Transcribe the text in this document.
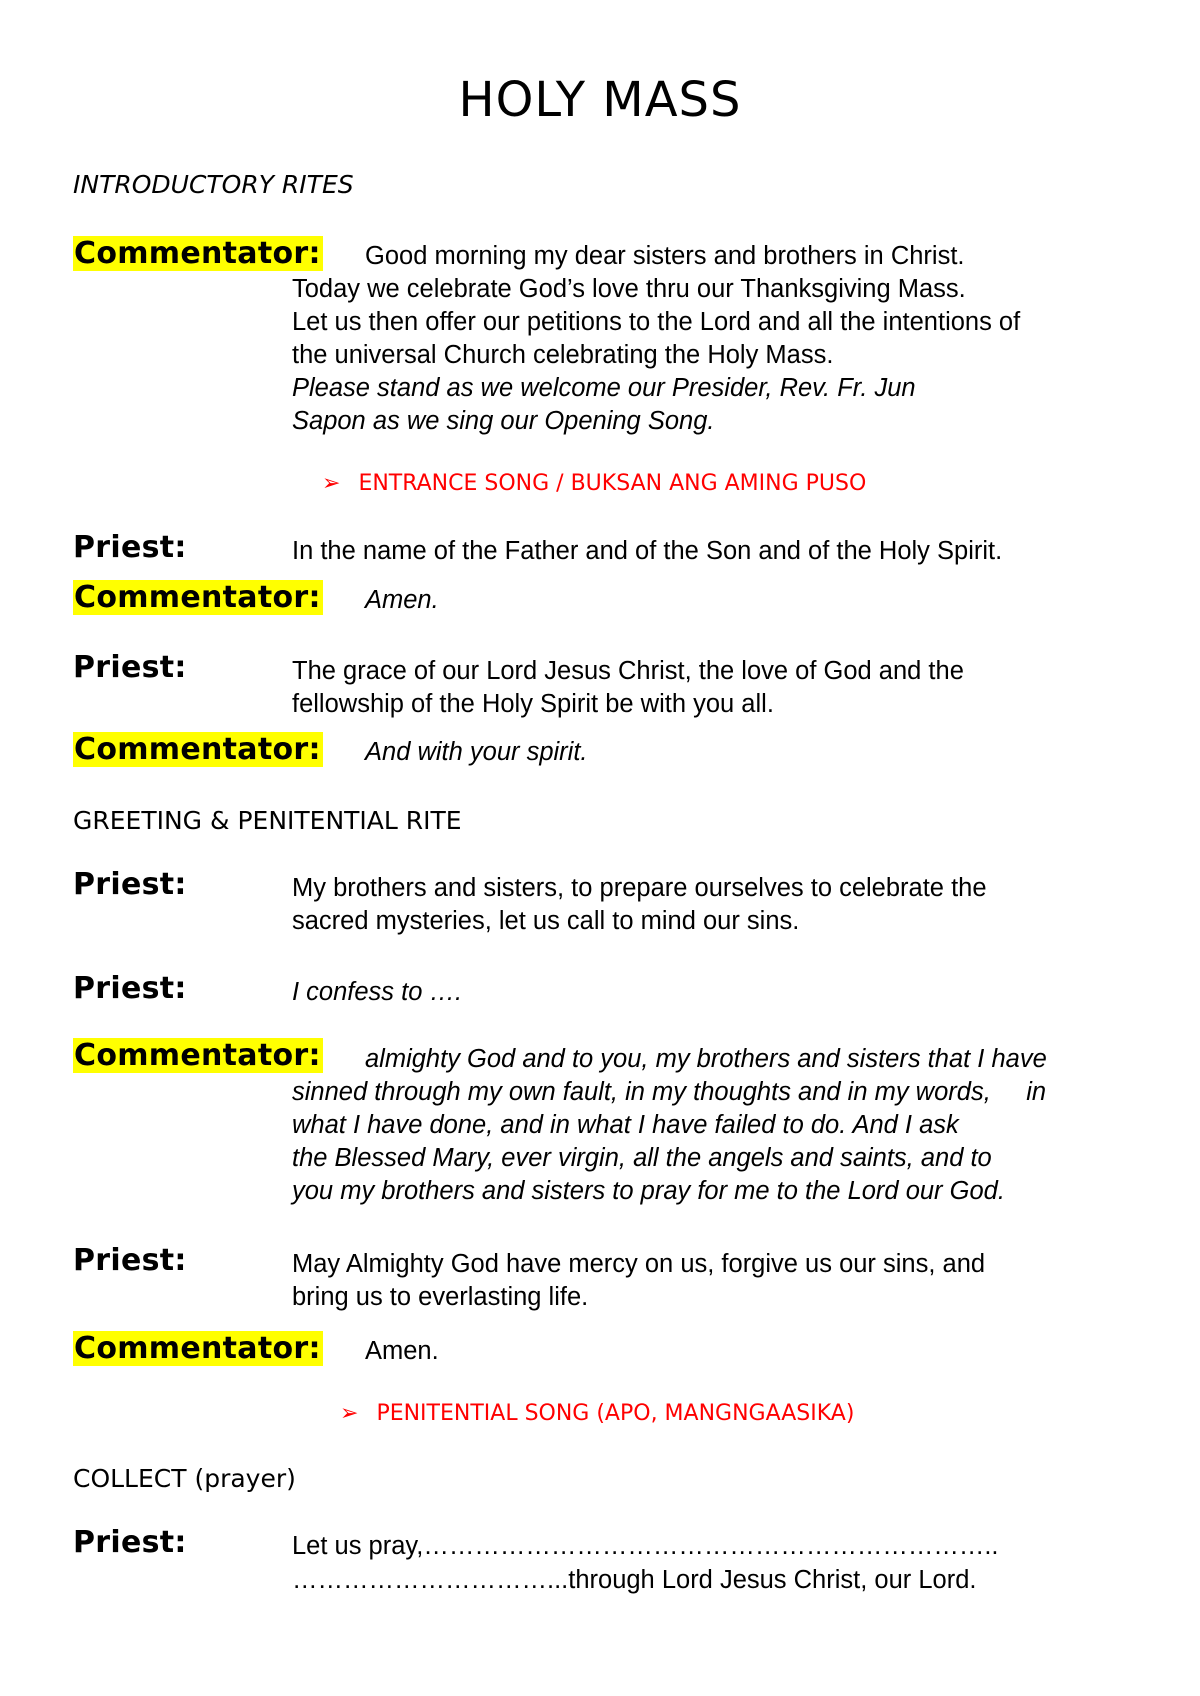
HOLY MASS
INTRODUCTORY RITES
Commentator: Good morning my dear sisters and brothers in Christ.
Today we celebrate God’s love thru our Thanksgiving Mass.
Let us then offer our petitions to the Lord and all the intentions of
the universal Church celebrating the Holy Mass.
Please stand as we welcome our Presider, Rev. Fr. Jun
Sapon as we sing our Opening Song.
➢ ENTRANCE SONG / BUKSAN ANG AMING PUSO
Priest:	In the name of the Father and of the Son and of the Holy Spirit.
Commentator: Amen.
Priest:	The grace of our Lord Jesus Christ, the love of God and the
fellowship of the Holy Spirit be with you all.
Commentator: And with your spirit.
GREETING & PENITENTIAL RITE
Priest:	My brothers and sisters, to prepare ourselves to celebrate the
sacred mysteries, let us call to mind our sins.
Priest:	I confess to ….
Commentator: almighty God and to you, my brothers and sisters that I have
sinned through my own fault, in my thoughts and in my words,     in
what I have done, and in what I have failed to do. And I ask
the Blessed Mary, ever virgin, all the angels and saints, and to
you my brothers and sisters to pray for me to the Lord our God.
Priest:	May Almighty God have mercy on us, forgive us our sins, and
bring us to everlasting life.
Commentator: Amen.
➢ PENITENTIAL SONG (APO, MANGNGAASIKA)
COLLECT (prayer)
Priest:	Let us pray,…………………………………………………………..
…………………………...through Lord Jesus Christ, our Lord.
